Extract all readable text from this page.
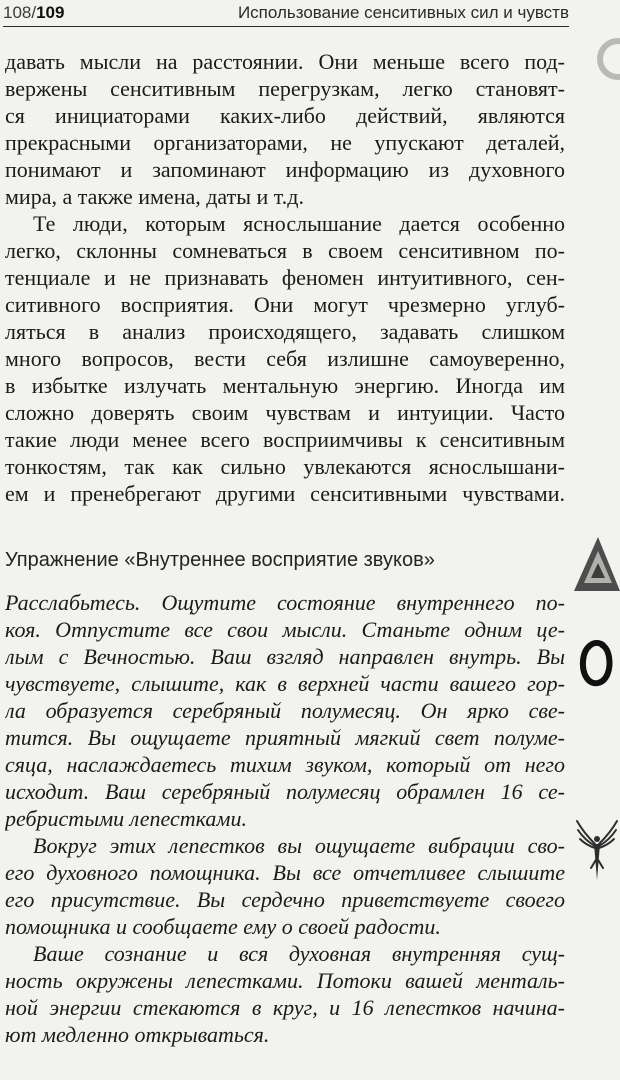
108/109	Использование сенситивных сил и чувств
давать мысли на расстоянии. Они меньше всего под-
вержены сенситивным перегрузкам, легко становят-
ся инициаторами каких-либо действий, являются
прекрасными организаторами, не упускают деталей,
понимают и запоминают информацию из духовного
мира, а также имена, даты и т.д.
Те люди, которым яснослышание дается особенно
легко, склонны сомневаться в своем сенситивном по-
тенциале и не признавать феномен интуитивного, сен-
ситивного восприятия. Они могут чрезмерно углуб-
ляться в анализ происходящего, задавать слишком
много вопросов, вести себя излишне самоуверенно,
в избытке излучать ментальную энергию. Иногда им
сложно доверять своим чувствам и интуиции. Часто
такие люди менее всего восприимчивы к сенситивным
тонкостям, так как сильно увлекаются яснослышани-
ем и пренебрегают другими сенситивными чувствами.
Упражнение «Внутреннее восприятие звуков»
Расслабьтесь. Ощутите состояние внутреннего по-
коя. Отпустите все свои мысли. Станьте одним це-
лым с Вечностью. Ваш взгляд направлен внутрь. Вы
чувствуете, слышите, как в верхней части вашего гор-
ла образуется серебряный полумесяц. Он ярко све-
тится. Вы ощущаете приятный мягкий свет полуме-
сяца, наслаждаетесь тихим звуком, который от него
исходит. Ваш серебряный полумесяц обрамлен 16 се-
ребристыми лепестками.
Вокруг этих лепестков вы ощущаете вибрации сво-
его духовного помощника. Вы все отчетливее слышите
его присутствие. Вы сердечно приветствуете своего
помощника и сообщаете ему о своей радости.
Ваше сознание и вся духовная внутренняя сущ-
ность окружены лепестками. Потоки вашей менталь-
ной энергии стекаются в круг, и 16 лепестков начина-
ют медленно открываться.
